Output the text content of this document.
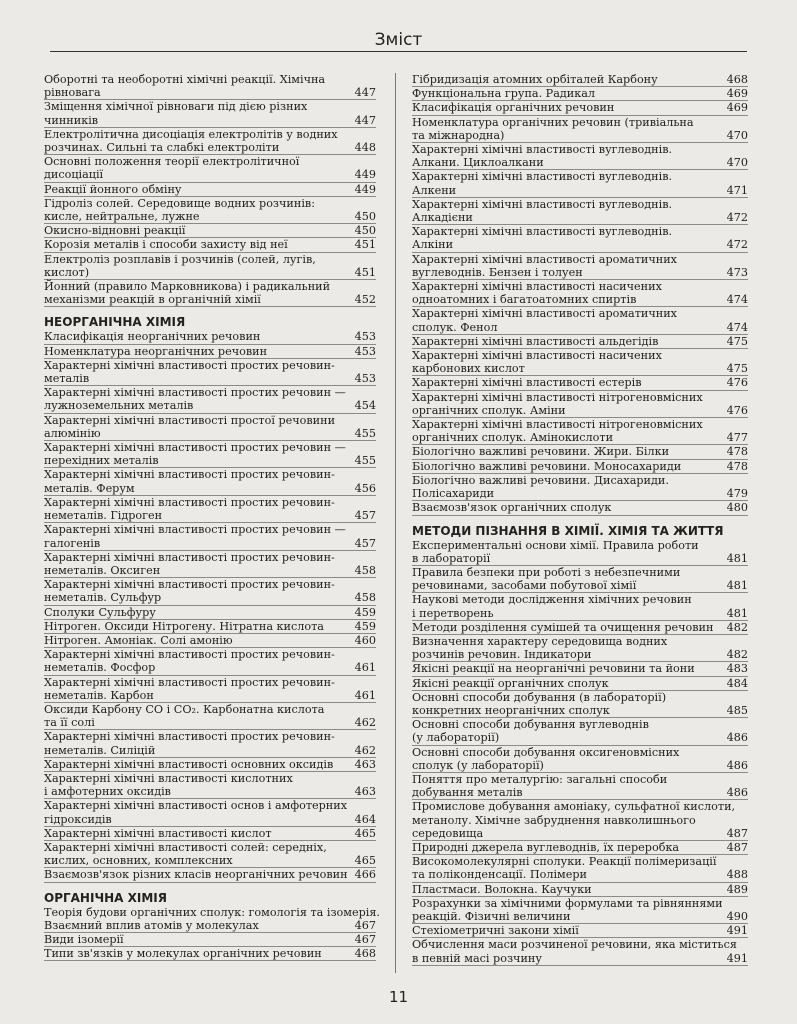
Зміст
Оборотні та необоротні хімічні реакції. Хімічна
рівновага	447
Зміщення хімічної рівноваги під дією різних
чинників	447
Електролітична дисоціація електролітів у водних
розчинах. Сильні та слабкі електроліти	448
Основні положення теорії електролітичної
дисоціації	449
Реакції йонного обміну	449
Гідроліз солей. Середовище водних розчинів:
кисле, нейтральне, лужне	450
Окисно-відновні реакції	450
Корозія металів і способи захисту від неї	451
Електроліз розплавів і розчинів (солей, лугів,
кислот)	451
Йонний (правило Марковникова) і радикальний
механізми реакцій в органічній хімії	452
НЕОРГАНІЧНА ХІМІЯ
Класифікація неорганічних речовин	453
Номенклатура неорганічних речовин	453
Характерні хімічні властивості простих речовин-
металів	453
Характерні хімічні властивості простих речовин —
лужноземельних металів	454
Характерні хімічні властивості простої речовини
алюмінію	455
Характерні хімічні властивості простих речовин —
перехідних металів	455
Характерні хімічні властивості простих речовин-
металів. Ферум	456
Характерні хімічні властивості простих речовин-
неметалів. Гідроген	457
Характерні хімічні властивості простих речовин —
галогенів	457
Характерні хімічні властивості простих речовин-
неметалів. Оксиген	458
Характерні хімічні властивості простих речовин-
неметалів. Сульфур	458
Сполуки Сульфуру	459
Нітроген. Оксиди Нітрогену. Нітратна кислота	459
Нітроген. Амоніак. Солі амонію	460
Характерні хімічні властивості простих речовин-
неметалів. Фосфор	461
Характерні хімічні властивості простих речовин-
неметалів. Карбон	461
Оксиди Карбону CO і CO₂. Карбонатна кислота
та її солі	462
Характерні хімічні властивості простих речовин-
неметалів. Силіцій	462
Характерні хімічні властивості основних оксидів	463
Характерні хімічні властивості кислотних
і амфотерних оксидів	463
Характерні хімічні властивості основ і амфотерних
гідроксидів	464
Характерні хімічні властивості кислот	465
Характерні хімічні властивості солей: середніх,
кислих, основних, комплексних	465
Взаємозв'язок різних класів неорганічних речовин 466
ОРГАНІЧНА ХІМІЯ
Теорія будови органічних сполук: гомологія та ізомерія.
Взаємний вплив атомів у молекулах	467
Види ізомерії	467
Типи зв'язків у молекулах органічних речовин	468
Гібридизація атомних орбіталей Карбону	468
Функціональна група. Радикал	469
Класифікація органічних речовин	469
Номенклатура органічних речовин (тривіальна
та міжнародна)	470
Характерні хімічні властивості вуглеводнів.
Алкани. Циклоалкани	470
Характерні хімічні властивості вуглеводнів.
Алкени	471
Характерні хімічні властивості вуглеводнів.
Алкадієни	472
Характерні хімічні властивості вуглеводнів.
Алкіни	472
Характерні хімічні властивості ароматичних
вуглеводнів. Бензен і толуен	473
Характерні хімічні властивості насичених
одноатомних і багатоатомних спиртів	474
Характерні хімічні властивості ароматичних
сполук. Фенол	474
Характерні хімічні властивості альдегідів	475
Характерні хімічні властивості насичених
карбонових кислот	475
Характерні хімічні властивості естерів	476
Характерні хімічні властивості нітрогеновмісних
органічних сполук. Аміни	476
Характерні хімічні властивості нітрогеновмісних
органічних сполук. Амінокислоти	477
Біологічно важливі речовини. Жири. Білки	478
Біологічно важливі речовини. Моносахариди	478
Біологічно важливі речовини. Дисахариди.
Полісахариди	479
Взаємозв'язок органічних сполук	480
МЕТОДИ ПІЗНАННЯ В ХІМІЇ. ХІМІЯ ТА ЖИТТЯ
Експериментальні основи хімії. Правила роботи
в лабораторії	481
Правила безпеки при роботі з небезпечними
речовинами, засобами побутової хімії	481
Наукові методи дослідження хімічних речовин
і перетворень	481
Методи розділення сумішей та очищення речовин	482
Визначення характеру середовища водних
розчинів речовин. Індикатори	482
Якісні реакції на неорганічні речовини та йони	483
Якісні реакції органічних сполук	484
Основні способи добування (в лабораторії)
конкретних неорганічних сполук	485
Основні способи добування вуглеводнів
(у лабораторії)	486
Основні способи добування оксигеновмісних
сполук (у лабораторії)	486
Поняття про металургію: загальні способи
добування металів	486
Промислове добування амоніаку, сульфатної кислоти,
метанолу. Хімічне забруднення навколишнього
середовища	487
Природні джерела вуглеводнів, їх переробка	487
Високомолекулярні сполуки. Реакції полімеризації
та поліконденсації. Полімери	488
Пластмаси. Волокна. Каучуки	489
Розрахунки за хімічними формулами та рівняннями
реакцій. Фізичні величини	490
Стехіометричні закони хімії	491
Обчислення маси розчиненої речовини, яка міститься
в певній масі розчину	491
11
